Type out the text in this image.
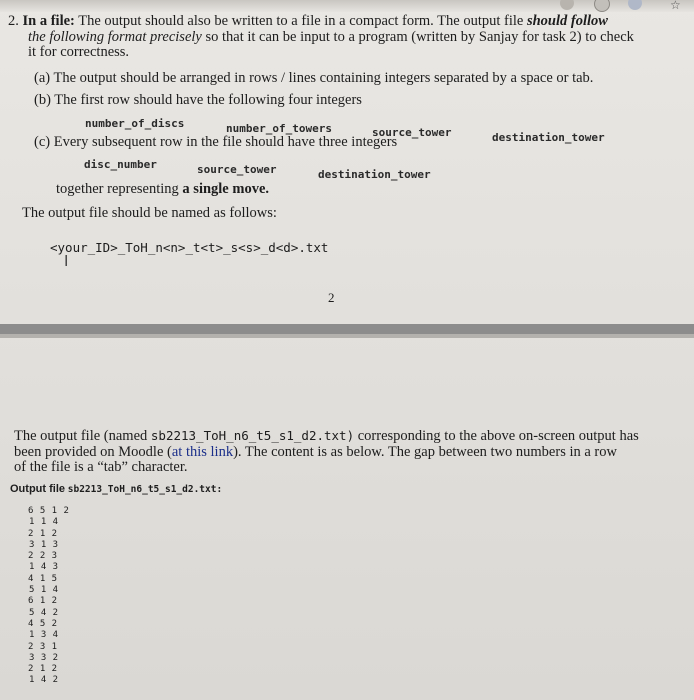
☆
2. In a file: The output should also be written to a file in a compact form. The output file should follow
the following format precisely so that it can be input to a program (written by Sanjay for task 2) to check
it for correctness.
(a) The output should be arranged in rows / lines containing integers separated by a space or tab.
(b) The first row should have the following four integers
number_of_discs	number_of_towers	source_tower	destination_tower
(c) Every subsequent row in the file should have three integers
disc_number	source_tower	destination_tower
together representing a single move.
The output file should be named as follows:
<your_ID>_ToH_n<n>_t<t>_s<s>_d<d>.txt
I
2
The output file (named sb2213_ToH_n6_t5_s1_d2.txt) corresponding to the above on-screen output has
been provided on Moodle (at this link). The content is as below. The gap between two numbers in a row
of the file is a “tab” character.
Output file sb2213_ToH_n6_t5_s1_d2.txt:
6 5 1 2
1 1 4
2 1 2
3 1 3
2 2 3
1 4 3
4 1 5
5 1 4
6 1 2
5 4 2
4 5 2
1 3 4
2 3 1
3 3 2
2 1 2
1 4 2
